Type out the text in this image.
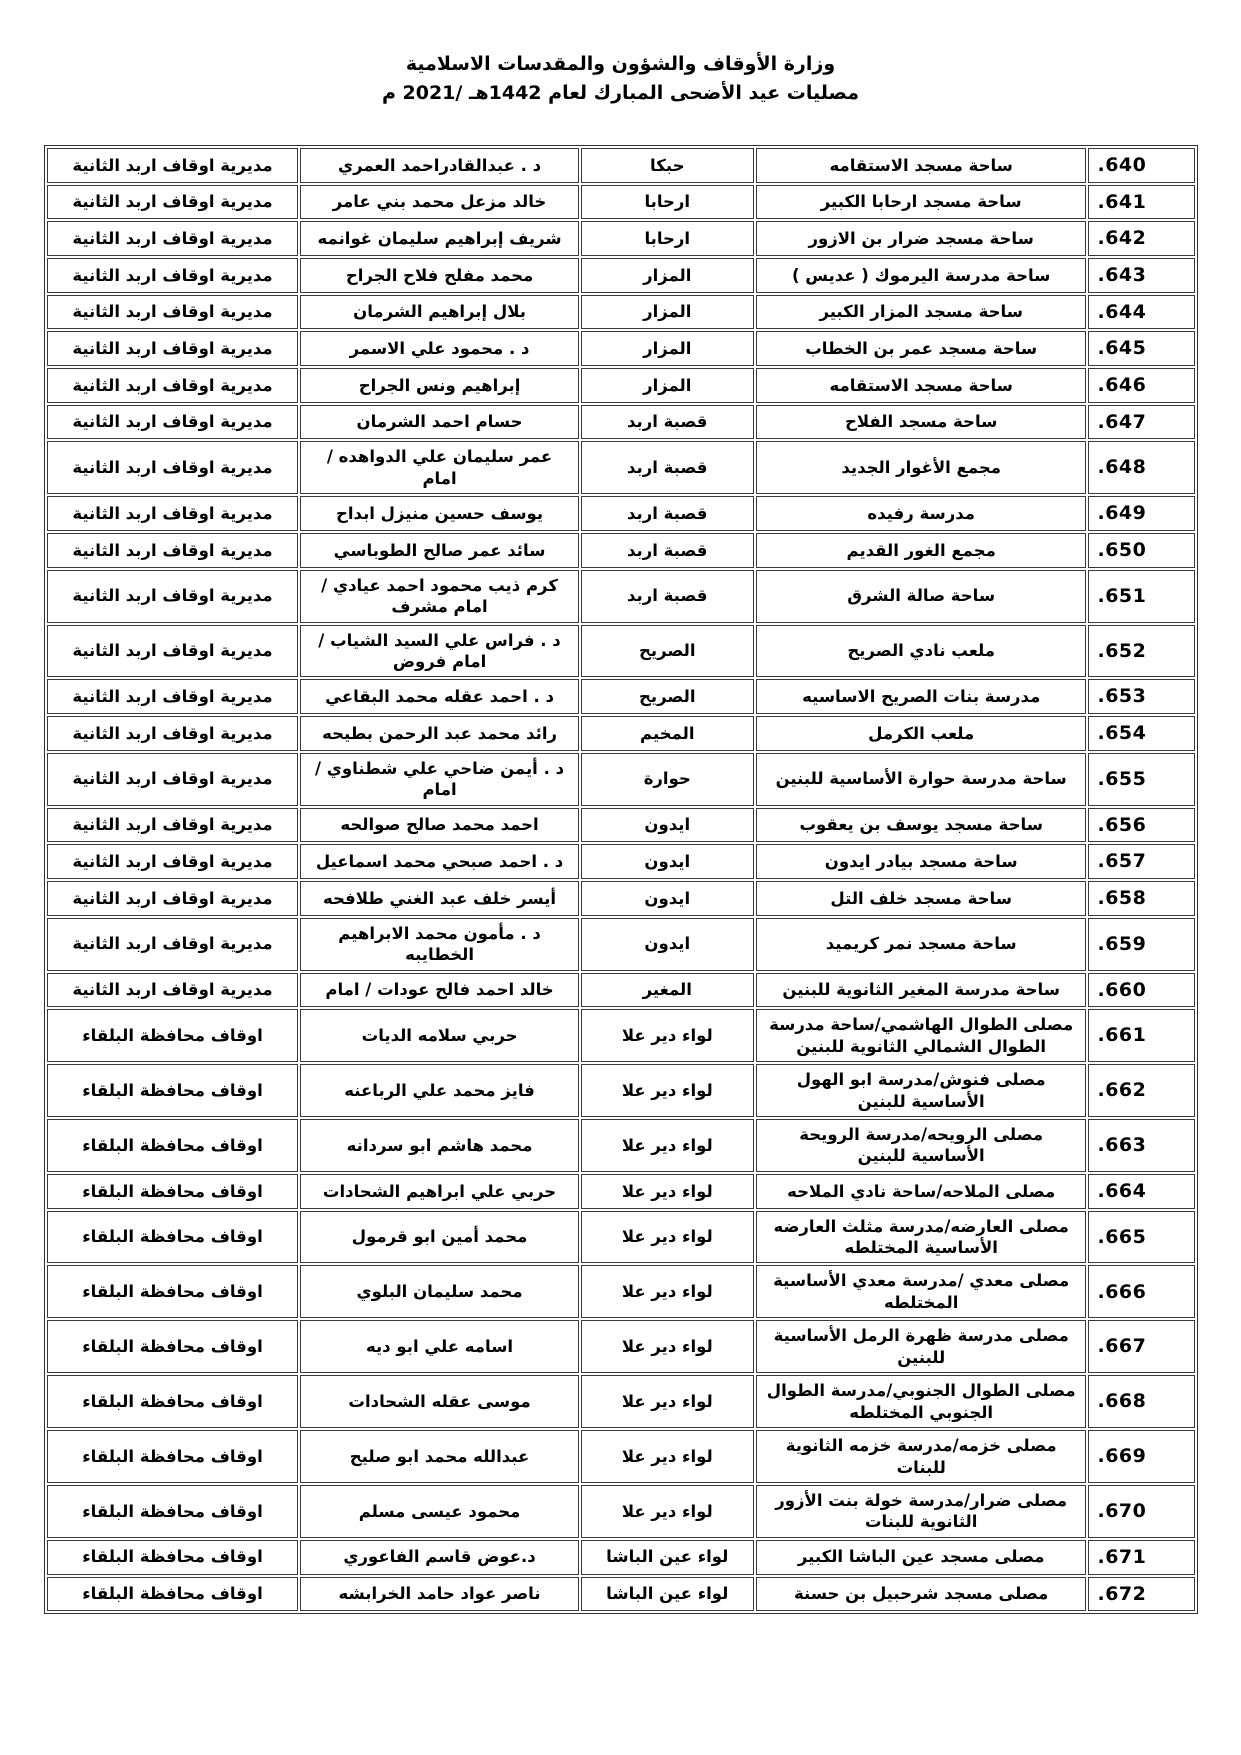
وزارة الأوقاف والشؤون والمقدسات الاسلامية
مصليات عيد الأضحى المبارك لعام 1442هـ /2021 م
640.	ساحة مسجد الاستقامه	حبكا	د . عبدالقادراحمد العمري	مديرية اوقاف اربد الثانية
641.	ساحة مسجد ارحابا الكبير	ارحابا	خالد مزعل محمد بني عامر	مديرية اوقاف اربد الثانية
642.	ساحة مسجد ضرار بن الازور	ارحابا	شريف إبراهيم سليمان غوانمه	مديرية اوقاف اربد الثانية
643.	ساحة مدرسة اليرموك ( عديس )	المزار	محمد مفلح فلاح الجراح	مديرية اوقاف اربد الثانية
644.	ساحة مسجد المزار الكبير	المزار	بلال إبراهيم الشرمان	مديرية اوقاف اربد الثانية
645.	ساحة مسجد عمر بن الخطاب	المزار	د . محمود علي الاسمر	مديرية اوقاف اربد الثانية
646.	ساحة مسجد الاستقامه	المزار	إبراهيم ونس الجراح	مديرية اوقاف اربد الثانية
647.	ساحة مسجد الفلاح	قصبة اربد	حسام احمد الشرمان	مديرية اوقاف اربد الثانية
648.	مجمع الأغوار الجديد	قصبة اربد	عمر سليمان علي الدواهده / امام	مديرية اوقاف اربد الثانية
649.	مدرسة رفيده	قصبة اربد	يوسف حسين منيزل ابداح	مديرية اوقاف اربد الثانية
650.	مجمع الغور القديم	قصبة اربد	سائد عمر صالح الطوباسي	مديرية اوقاف اربد الثانية
651.	ساحة صالة الشرق	قصبة اربد	كرم ذيب محمود احمد عيادي / امام مشرف	مديرية اوقاف اربد الثانية
652.	ملعب نادي الصريح	الصريح	د . فراس علي السيد الشياب / امام فروض	مديرية اوقاف اربد الثانية
653.	مدرسة بنات الصريح الاساسيه	الصريح	د . احمد عقله محمد البقاعي	مديرية اوقاف اربد الثانية
654.	ملعب الكرمل	المخيم	رائد محمد عبد الرحمن بطيحه	مديرية اوقاف اربد الثانية
655.	ساحة مدرسة حوارة الأساسية للبنين	حوارة	د . أيمن ضاحي علي شطناوي / امام	مديرية اوقاف اربد الثانية
656.	ساحة مسجد يوسف بن يعقوب	ايدون	احمد محمد صالح صوالحه	مديرية اوقاف اربد الثانية
657.	ساحة مسجد بيادر ايدون	ايدون	د . احمد صبحي محمد اسماعيل	مديرية اوقاف اربد الثانية
658.	ساحة مسجد خلف التل	ايدون	أيسر خلف عبد الغني طلافحه	مديرية اوقاف اربد الثانية
659.	ساحة مسجد نمر كريميد	ايدون	د . مأمون محمد الابراهيم الخطايبه	مديرية اوقاف اربد الثانية
660.	ساحة مدرسة المغير الثانوية للبنين	المغير	خالد احمد فالح عودات / امام	مديرية اوقاف اربد الثانية
661.	مصلى الطوال الهاشمي/ساحة مدرسة الطوال الشمالي الثانوية للبنين	لواء دير علا	حربي سلامه الديات	اوقاف محافظة البلقاء
662.	مصلى فنوش/مدرسة ابو الهول الأساسية للبنين	لواء دير علا	فايز محمد علي الرباعنه	اوقاف محافظة البلقاء
663.	مصلى الرويحه/مدرسة الرويحة الأساسية للبنين	لواء دير علا	محمد هاشم ابو سردانه	اوقاف محافظة البلقاء
664.	مصلى الملاحه/ساحة نادي الملاحه	لواء دير علا	حربي علي ابراهيم الشحادات	اوقاف محافظة البلقاء
665.	مصلى العارضه/مدرسة مثلث العارضه الأساسية المختلطه	لواء دير علا	محمد أمين ابو قرمول	اوقاف محافظة البلقاء
666.	مصلى معدي /مدرسة معدي الأساسية المختلطه	لواء دير علا	محمد سليمان البلوي	اوقاف محافظة البلقاء
667.	مصلى مدرسة ظهرة الرمل الأساسية للبنين	لواء دير علا	اسامه علي ابو ديه	اوقاف محافظة البلقاء
668.	مصلى الطوال الجنوبي/مدرسة الطوال الجنوبي المختلطه	لواء دير علا	موسى عقله الشحادات	اوقاف محافظة البلقاء
669.	مصلى خزمه/مدرسة خزمه الثانوية للبنات	لواء دير علا	عبدالله محمد ابو صليح	اوقاف محافظة البلقاء
670.	مصلى ضرار/مدرسة خولة بنت الأزور الثانوية للبنات	لواء دير علا	محمود عيسى مسلم	اوقاف محافظة البلقاء
671.	مصلى مسجد عين الباشا الكبير	لواء عين الباشا	د.عوض قاسم الفاعوري	اوقاف محافظة البلقاء
672.	مصلى مسجد شرحبيل بن حسنة	لواء عين الباشا	ناصر عواد حامد الخرابشه	اوقاف محافظة البلقاء
